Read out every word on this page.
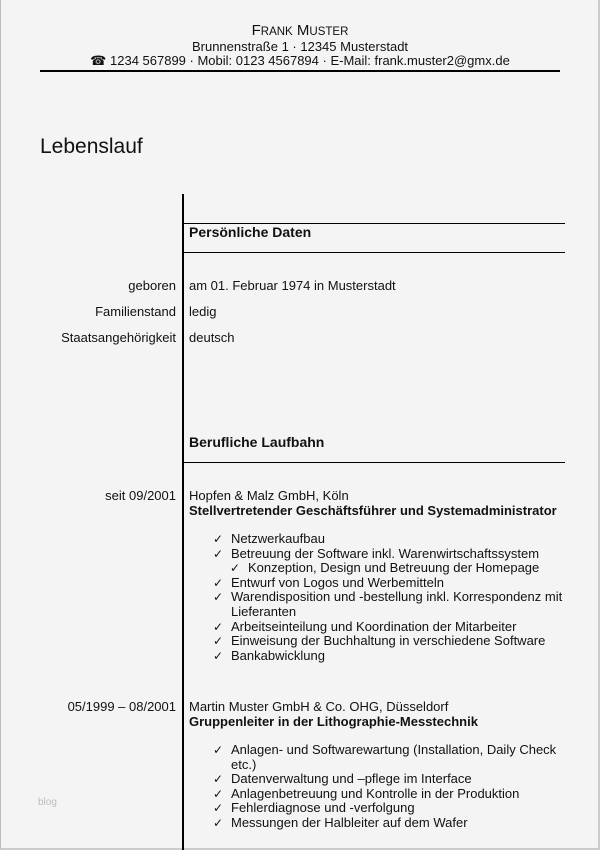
FRANK MUSTER
Brunnenstraße 1 · 12345 Musterstadt
☎ 1234 567899 · Mobil: 0123 4567894 · E-Mail: frank.muster2@gmx.de
Lebenslauf
Persönliche Daten
geboren am 01. Februar 1974 in Musterstadt
Familienstand ledig
Staatsangehörigkeit deutsch
Berufliche Laufbahn
seit 09/2001 Hopfen & Malz GmbH, Köln
Stellvertretender Geschäftsführer und Systemadministrator
✓ Netzwerkaufbau
✓ Betreuung der Software inkl. Warenwirtschaftssystem
✓ Konzeption, Design und Betreuung der Homepage
✓ Entwurf von Logos und Werbemitteln
✓ Warendisposition und -bestellung inkl. Korrespondenz mit Lieferanten
✓ Arbeitseinteilung und Koordination der Mitarbeiter
✓ Einweisung der Buchhaltung in verschiedene Software
✓ Bankabwicklung
05/1999 – 08/2001 Martin Muster GmbH & Co. OHG, Düsseldorf
Gruppenleiter in der Lithographie-Messtechnik
✓ Anlagen- und Softwarewartung (Installation, Daily Check etc.)
✓ Datenverwaltung und –pflege im Interface
✓ Anlagenbetreuung und Kontrolle in der Produktion
✓ Fehlerdiagnose und -verfolgung
✓ Messungen der Halbleiter auf dem Wafer
blog
